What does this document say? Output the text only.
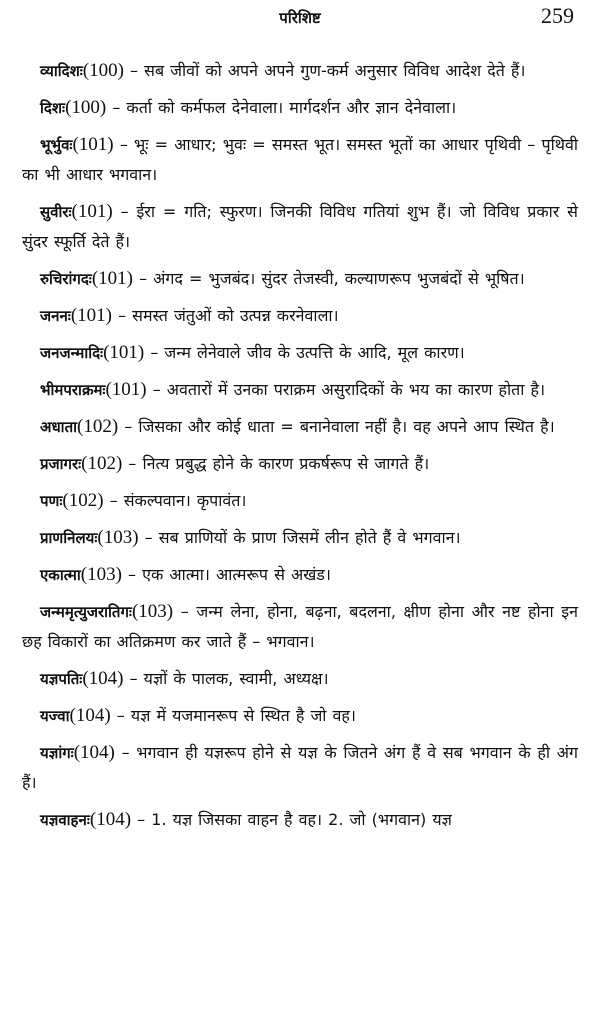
परिशिष्ट	259

व्यादिशः(100) – सब जीवों को अपने अपने गुण-कर्म अनुसार विविध आदेश देते हैं।

दिशः(100) – कर्ता को कर्मफल देनेवाला। मार्गदर्शन और ज्ञान देनेवाला।

भूर्भुवः(101) – भूः = आधार; भुवः = समस्त भूत। समस्त भूतों का आधार पृथिवी – पृथिवी का भी आधार भगवान।

सुवीरः(101) – ईरा = गति; स्फुरण। जिनकी विविध गतियां शुभ हैं। जो विविध प्रकार से सुंदर स्फूर्ति देते हैं।

रुचिरांगदः(101) – अंगद = भुजबंद। सुंदर तेजस्वी, कल्याणरूप भुजबंदों से भूषित।

जननः(101) – समस्त जंतुओं को उत्पन्न करनेवाला।

जनजन्मादिः(101) – जन्म लेनेवाले जीव के उत्पत्ति के आदि, मूल कारण।

भीमपराक्रमः(101) – अवतारों में उनका पराक्रम असुरादिकों के भय का कारण होता है।

अधाता(102) – जिसका और कोई धाता = बनानेवाला नहीं है। वह अपने आप स्थित है।

प्रजागरः(102) – नित्य प्रबुद्ध होने के कारण प्रकर्षरूप से जागते हैं।

पणः(102) – संकल्पवान। कृपावंत।

प्राणनिलयः(103) – सब प्राणियों के प्राण जिसमें लीन होते हैं वे भगवान।

एकात्मा(103) – एक आत्मा। आत्मरूप से अखंड।

जन्ममृत्युजरातिगः(103) – जन्म लेना, होना, बढ़ना, बदलना, क्षीण होना और नष्ट होना इन छह विकारों का अतिक्रमण कर जाते हैं – भगवान।

यज्ञपतिः(104) – यज्ञों के पालक, स्वामी, अध्यक्ष।

यज्वा(104) – यज्ञ में यजमानरूप से स्थित है जो वह।

यज्ञांगः(104) – भगवान ही यज्ञरूप होने से यज्ञ के जितने अंग हैं वे सब भगवान के ही अंग हैं।

यज्ञवाहनः(104) – 1. यज्ञ जिसका वाहन है वह। 2. जो (भगवान) यज्ञ
